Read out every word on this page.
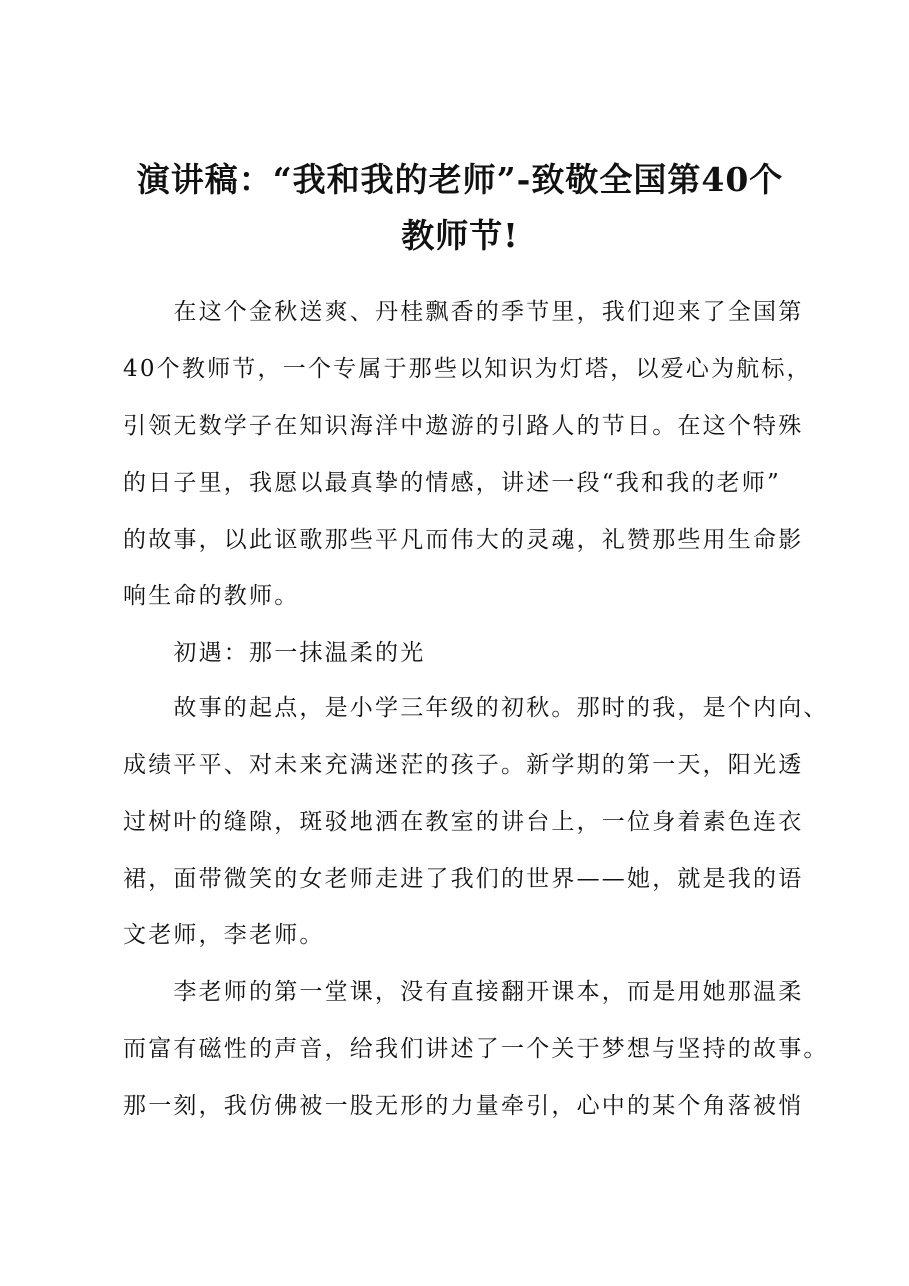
演讲稿：“我和我的老师”-致敬全国第40个
教师节!
　　在这个金秋送爽、丹桂飘香的季节里，我们迎来了全国第
40个教师节，一个专属于那些以知识为灯塔，以爱心为航标，
引领无数学子在知识海洋中遨游的引路人的节日。在这个特殊
的日子里，我愿以最真挚的情感，讲述一段“我和我的老师”
的故事，以此讴歌那些平凡而伟大的灵魂，礼赞那些用生命影
响生命的教师。
　　初遇：那一抹温柔的光
　　故事的起点，是小学三年级的初秋。那时的我，是个内向、
成绩平平、对未来充满迷茫的孩子。新学期的第一天，阳光透
过树叶的缝隙，斑驳地洒在教室的讲台上，一位身着素色连衣
裙，面带微笑的女老师走进了我们的世界——她，就是我的语
文老师，李老师。
　　李老师的第一堂课，没有直接翻开课本，而是用她那温柔
而富有磁性的声音，给我们讲述了一个关于梦想与坚持的故事。
那一刻，我仿佛被一股无形的力量牵引，心中的某个角落被悄
